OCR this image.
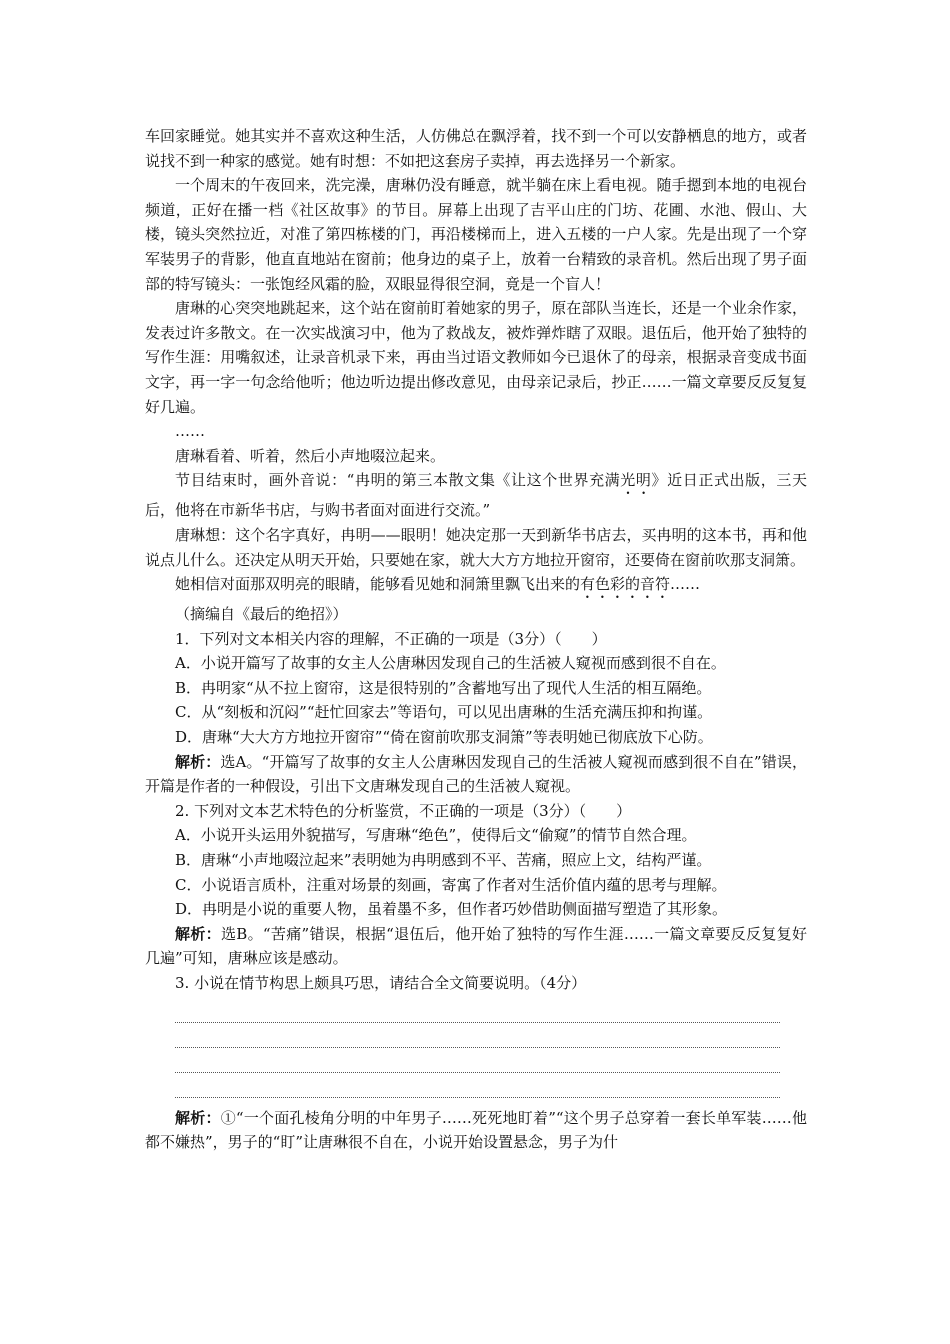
车回家睡觉。她其实并不喜欢这种生活，人仿佛总在飘浮着，找不到一个可以安静栖息的地方，或者说找不到一种家的感觉。她有时想：不如把这套房子卖掉，再去选择另一个新家。

一个周末的午夜回来，洗完澡，唐琳仍没有睡意，就半躺在床上看电视。随手摁到本地的电视台频道，正好在播一档《社区故事》的节目。屏幕上出现了吉平山庄的门坊、花圃、水池、假山、大楼，镜头突然拉近，对准了第四栋楼的门，再沿楼梯而上，进入五楼的一户人家。先是出现了一个穿军装男子的背影，他直直地站在窗前；他身边的桌子上，放着一台精致的录音机。然后出现了男子面部的特写镜头：一张饱经风霜的脸，双眼显得很空洞，竟是一个盲人！

唐琳的心突突地跳起来，这个站在窗前盯着她家的男子，原在部队当连长，还是一个业余作家，发表过许多散文。在一次实战演习中，他为了救战友，被炸弹炸瞎了双眼。退伍后，他开始了独特的写作生涯：用嘴叙述，让录音机录下来，再由当过语文教师如今已退休了的母亲，根据录音变成书面文字，再一字一句念给他听；他边听边提出修改意见，由母亲记录后，抄正……一篇文章要反反复复好几遍。

……

唐琳看着、听着，然后小声地啜泣起来。

节目结束时，画外音说：“冉明的第三本散文集《让这个世界充满光明》近日正式出版，三天后，他将在市新华书店，与购书者面对面进行交流。”

唐琳想：这个名字真好，冉明——眼明！她决定那一天到新华书店去，买冉明的这本书，再和他说点儿什么。还决定从明天开始，只要她在家，就大大方方地拉开窗帘，还要倚在窗前吹那支洞箫。

她相信对面那双明亮的眼睛，能够看见她和洞箫里飘飞出来的有色彩的音符……

（摘编自《最后的绝招》）

1．下列对文本相关内容的理解，不正确的一项是（3分）（　　）

A．小说开篇写了故事的女主人公唐琳因发现自己的生活被人窥视而感到很不自在。

B．冉明家“从不拉上窗帘，这是很特别的”含蓄地写出了现代人生活的相互隔绝。

C．从“刻板和沉闷”“赶忙回家去”等语句，可以见出唐琳的生活充满压抑和拘谨。

D．唐琳“大大方方地拉开窗帘”“倚在窗前吹那支洞箫”等表明她已彻底放下心防。

解析：选A。“开篇写了故事的女主人公唐琳因发现自己的生活被人窥视而感到很不自在”错误，开篇是作者的一种假设，引出下文唐琳发现自己的生活被人窥视。

2. 下列对文本艺术特色的分析鉴赏，不正确的一项是（3分）（　　）

A．小说开头运用外貌描写，写唐琳“绝色”，使得后文“偷窥”的情节自然合理。

B．唐琳“小声地啜泣起来”表明她为冉明感到不平、苦痛，照应上文，结构严谨。

C．小说语言质朴，注重对场景的刻画，寄寓了作者对生活价值内蕴的思考与理解。

D．冉明是小说的重要人物，虽着墨不多，但作者巧妙借助侧面描写塑造了其形象。

解析：选B。“苦痛”错误，根据“退伍后，他开始了独特的写作生涯……一篇文章要反反复复好几遍”可知，唐琳应该是感动。

3. 小说在情节构思上颇具巧思，请结合全文简要说明。（4分）

解析：①“一个面孔棱角分明的中年男子……死死地盯着”“这个男子总穿着一套长单军装……他都不嫌热”，男子的“盯”让唐琳很不自在，小说开始设置悬念，男子为什
